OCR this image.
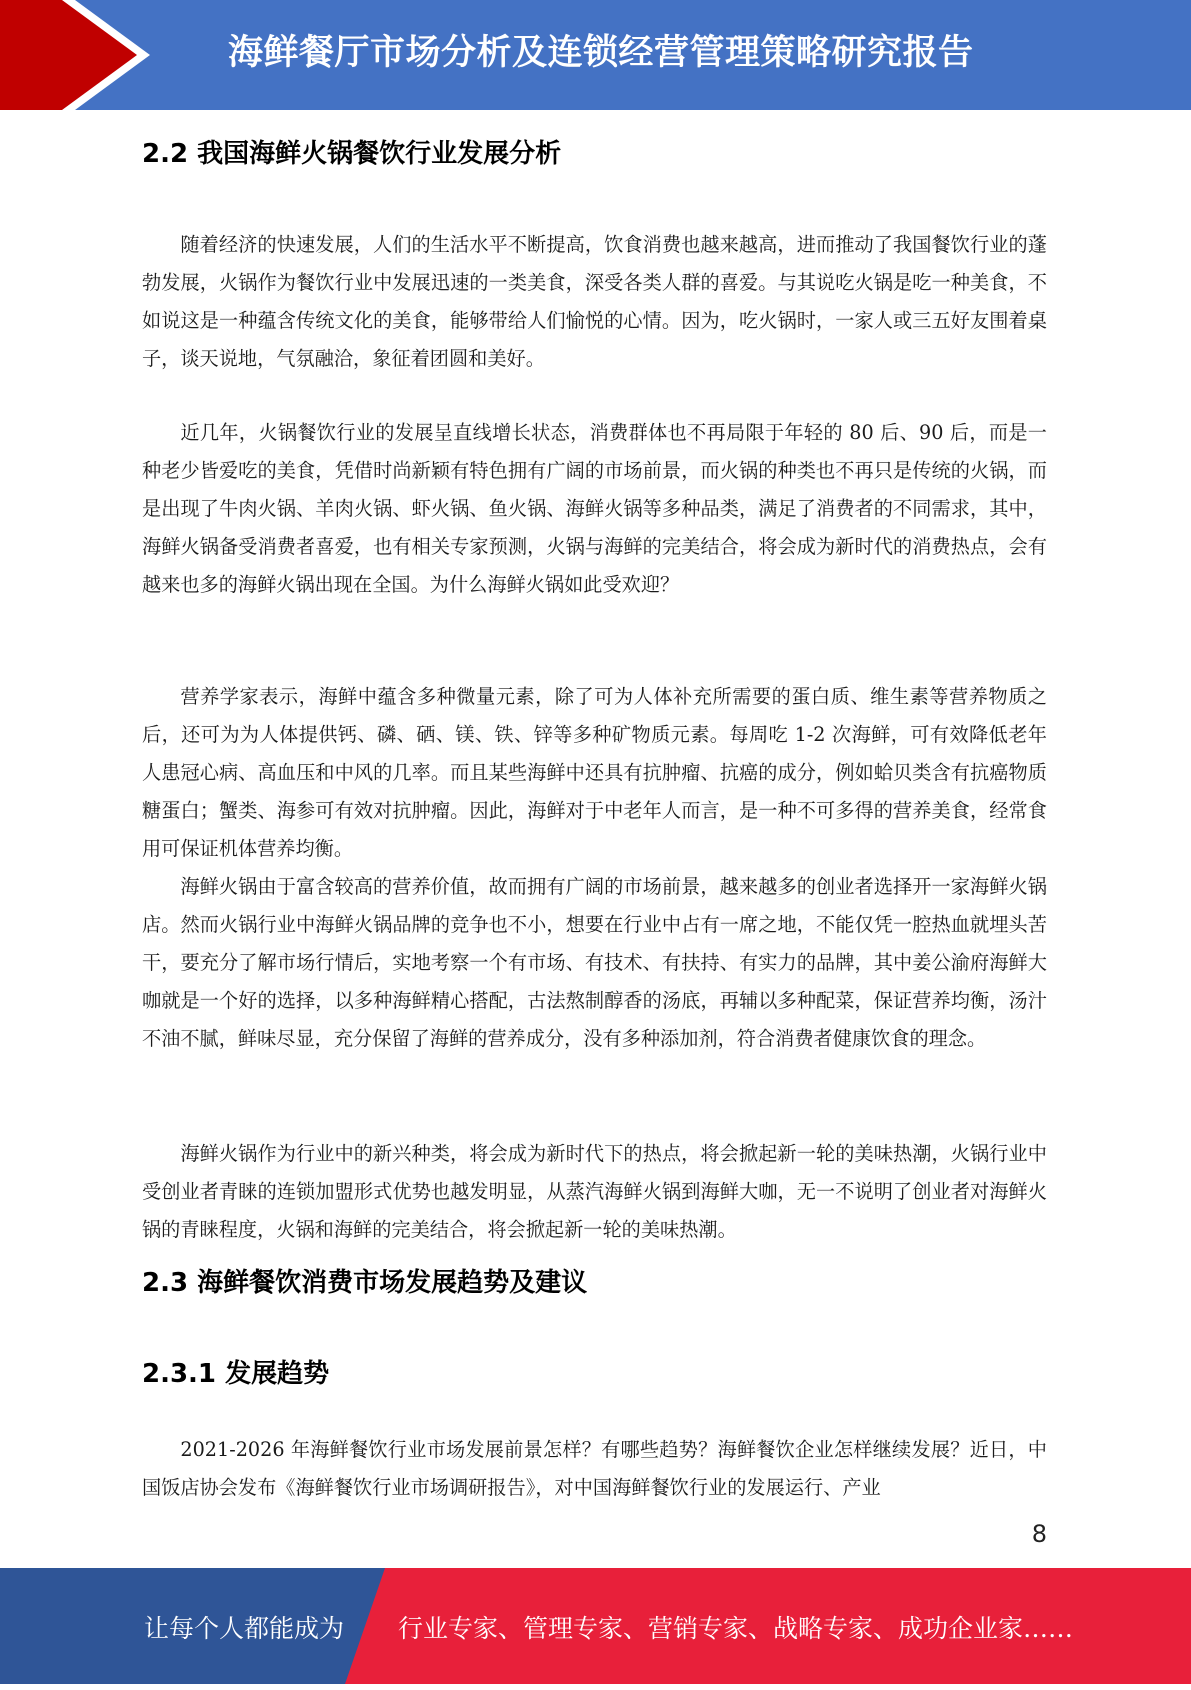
海鲜餐厅市场分析及连锁经营管理策略研究报告
2.2 我国海鲜火锅餐饮行业发展分析

随着经济的快速发展，人们的生活水平不断提高，饮食消费也越来越高，进而推动了我国餐饮行业的蓬勃发展，火锅作为餐饮行业中发展迅速的一类美食，深受各类人群的喜爱。与其说吃火锅是吃一种美食，不如说这是一种蕴含传统文化的美食，能够带给人们愉悦的心情。因为，吃火锅时，一家人或三五好友围着桌子，谈天说地，气氛融洽，象征着团圆和美好。

近几年，火锅餐饮行业的发展呈直线增长状态，消费群体也不再局限于年轻的 80 后、90 后，而是一种老少皆爱吃的美食，凭借时尚新颖有特色拥有广阔的市场前景，而火锅的种类也不再只是传统的火锅，而是出现了牛肉火锅、羊肉火锅、虾火锅、鱼火锅、海鲜火锅等多种品类，满足了消费者的不同需求，其中，海鲜火锅备受消费者喜爱，也有相关专家预测，火锅与海鲜的完美结合，将会成为新时代的消费热点，会有越来也多的海鲜火锅出现在全国。为什么海鲜火锅如此受欢迎？

营养学家表示，海鲜中蕴含多种微量元素，除了可为人体补充所需要的蛋白质、维生素等营养物质之后，还可为为人体提供钙、磷、硒、镁、铁、锌等多种矿物质元素。每周吃 1-2 次海鲜，可有效降低老年人患冠心病、高血压和中风的几率。而且某些海鲜中还具有抗肿瘤、抗癌的成分，例如蛤贝类含有抗癌物质糖蛋白；蟹类、海参可有效对抗肿瘤。因此，海鲜对于中老年人而言，是一种不可多得的营养美食，经常食用可保证机体营养均衡。

海鲜火锅由于富含较高的营养价值，故而拥有广阔的市场前景，越来越多的创业者选择开一家海鲜火锅店。然而火锅行业中海鲜火锅品牌的竞争也不小，想要在行业中占有一席之地，不能仅凭一腔热血就埋头苦干，要充分了解市场行情后，实地考察一个有市场、有技术、有扶持、有实力的品牌，其中姜公渝府海鲜大咖就是一个好的选择，以多种海鲜精心搭配，古法熬制醇香的汤底，再辅以多种配菜，保证营养均衡，汤汁不油不腻，鲜味尽显，充分保留了海鲜的营养成分，没有多种添加剂，符合消费者健康饮食的理念。

海鲜火锅作为行业中的新兴种类，将会成为新时代下的热点，将会掀起新一轮的美味热潮，火锅行业中受创业者青睐的连锁加盟形式优势也越发明显，从蒸汽海鲜火锅到海鲜大咖，无一不说明了创业者对海鲜火锅的青睐程度，火锅和海鲜的完美结合，将会掀起新一轮的美味热潮。

2.3 海鲜餐饮消费市场发展趋势及建议
2.3.1 发展趋势

2021-2026 年海鲜餐饮行业市场发展前景怎样？有哪些趋势？海鲜餐饮企业怎样继续发展？近日，中国饭店协会发布《海鲜餐饮行业市场调研报告》，对中国海鲜餐饮行业的发展运行、产业

8
让每个人都能成为 行业专家、管理专家、营销专家、战略专家、成功企业家……
